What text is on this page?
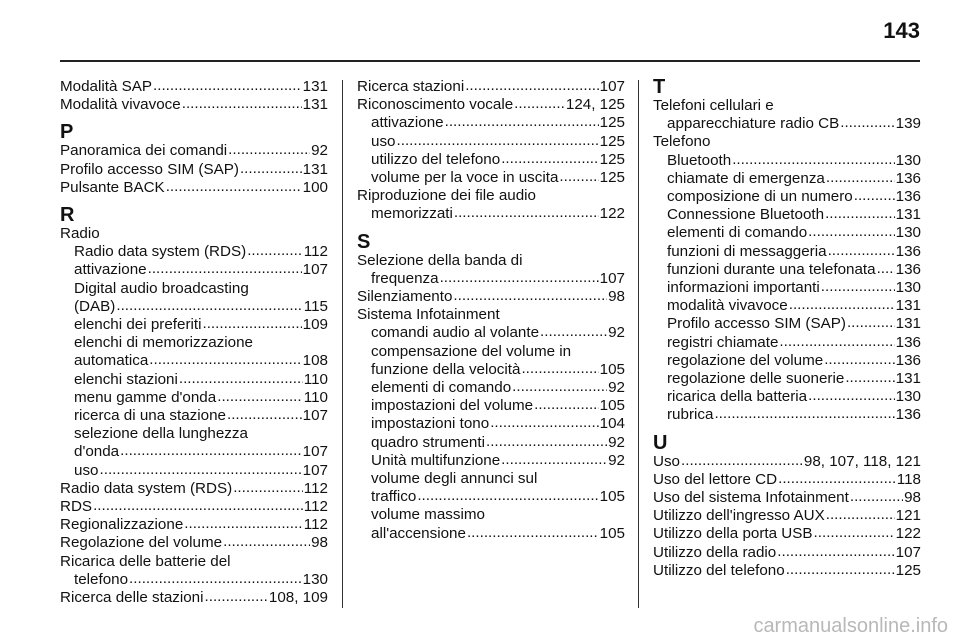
143
Modalità SAP .....	131
Modalità vivavoce .....	131
P
Panoramica dei comandi .....	92
Profilo accesso SIM (SAP) .....	131
Pulsante BACK .....	100
R
Radio
Radio data system (RDS) .....	112
attivazione .....	107
Digital audio broadcasting
(DAB) .....	115
elenchi dei preferiti .....	109
elenchi di memorizzazione
automatica .....	108
elenchi stazioni .....	110
menu gamme d'onda .....	110
ricerca di una stazione .....	107
selezione della lunghezza
d'onda .....	107
uso .....	107
Radio data system (RDS) .....	112
RDS .....	112
Regionalizzazione .....	112
Regolazione del volume .....	98
Ricarica delle batterie del
telefono .....	130
Ricerca delle stazioni .....	108, 109
Ricerca stazioni .....	107
Riconoscimento vocale .....	124, 125
attivazione .....	125
uso .....	125
utilizzo del telefono .....	125
volume per la voce in uscita .....	125
Riproduzione dei file audio
memorizzati .....	122
S
Selezione della banda di
frequenza .....	107
Silenziamento .....	98
Sistema Infotainment
comandi audio al volante .....	92
compensazione del volume in
funzione della velocità .....	105
elementi di comando .....	92
impostazioni del volume .....	105
impostazioni tono .....	104
quadro strumenti .....	92
Unità multifunzione .....	92
volume degli annunci sul
traffico .....	105
volume massimo
all'accensione .....	105
T
Telefoni cellulari e
apparecchiature radio CB .....	139
Telefono
Bluetooth .....	130
chiamate di emergenza .....	136
composizione di un numero .....	136
Connessione Bluetooth .....	131
elementi di comando .....	130
funzioni di messaggeria .....	136
funzioni durante una telefonata ..... 136
informazioni importanti .....	130
modalità vivavoce .....	131
Profilo accesso SIM (SAP) .....	131
registri chiamate .....	136
regolazione del volume .....	136
regolazione delle suonerie .....	131
ricarica della batteria .....	130
rubrica .....	136
U
Uso .....	98, 107, 118, 121
Uso del lettore CD .....	118
Uso del sistema Infotainment .....	98
Utilizzo dell'ingresso AUX .....	121
Utilizzo della porta USB .....	122
Utilizzo della radio .....	107
Utilizzo del telefono .....	125
carmanualsonline.info
